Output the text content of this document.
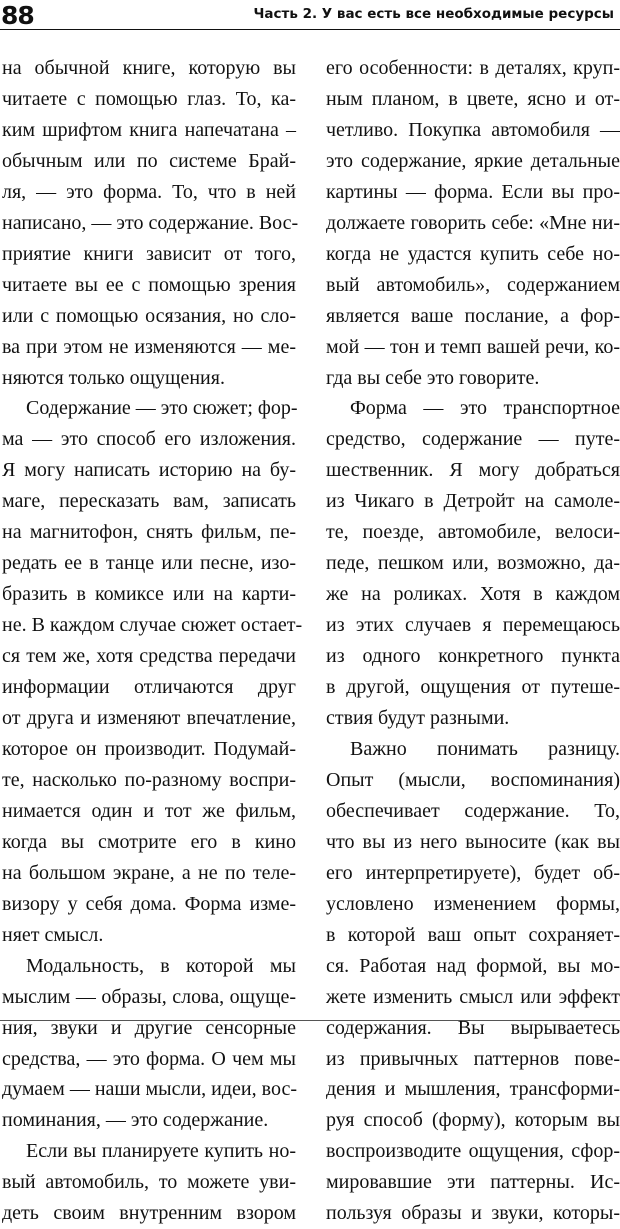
88	Часть 2. У вас есть все необходимые ресурсы
на обычной книге, которую вы
читаете с помощью глаз. То, ка-
ким шрифтом книга напечатана –
обычным или по системе Брай-
ля, — это форма. То, что в ней
написано, — это содержание. Вос-
приятие книги зависит от того,
читаете вы ее с помощью зрения
или с помощью осязания, но сло-
ва при этом не изменяются — ме-
няются только ощущения.
Содержание — это сюжет; фор-
ма — это способ его изложения.
Я могу написать историю на бу-
маге, пересказать вам, записать
на магнитофон, снять фильм, пе-
редать ее в танце или песне, изо-
бразить в комиксе или на карти-
не. В каждом случае сюжет остает-
ся тем же, хотя средства передачи
информации отличаются друг
от друга и изменяют впечатление,
которое он производит. Подумай-
те, насколько по-разному воспри-
нимается один и тот же фильм,
когда вы смотрите его в кино
на большом экране, а не по теле-
визору у себя дома. Форма изме-
няет смысл.
Модальность, в которой мы
мыслим — образы, слова, ощуще-
ния, звуки и другие сенсорные
средства, — это форма. О чем мы
думаем — наши мысли, идеи, вос-
поминания, — это содержание.
Если вы планируете купить но-
вый автомобиль, то можете уви-
деть своим внутренним взором
его особенности: в деталях, круп-
ным планом, в цвете, ясно и от-
четливо. Покупка автомобиля —
это содержание, яркие детальные
картины — форма. Если вы про-
должаете говорить себе: «Мне ни-
когда не удастся купить себе но-
вый автомобиль», содержанием
является ваше послание, а фор-
мой — тон и темп вашей речи, ко-
гда вы себе это говорите.
Форма — это транспортное
средство, содержание — путе-
шественник. Я могу добраться
из Чикаго в Детройт на самоле-
те, поезде, автомобиле, велоси-
педе, пешком или, возможно, да-
же на роликах. Хотя в каждом
из этих случаев я перемещаюсь
из одного конкретного пункта
в другой, ощущения от путеше-
ствия будут разными.
Важно понимать разницу.
Опыт (мысли, воспоминания)
обеспечивает содержание. То,
что вы из него выносите (как вы
его интерпретируете), будет об-
условлено изменением формы,
в которой ваш опыт сохраняет-
ся. Работая над формой, вы мо-
жете изменить смысл или эффект
содержания. Вы вырываетесь
из привычных паттернов пове-
дения и мышления, трансформи-
руя способ (форму), которым вы
воспроизводите ощущения, сфор-
мировавшие эти паттерны. Ис-
пользуя образы и звуки, которы-
